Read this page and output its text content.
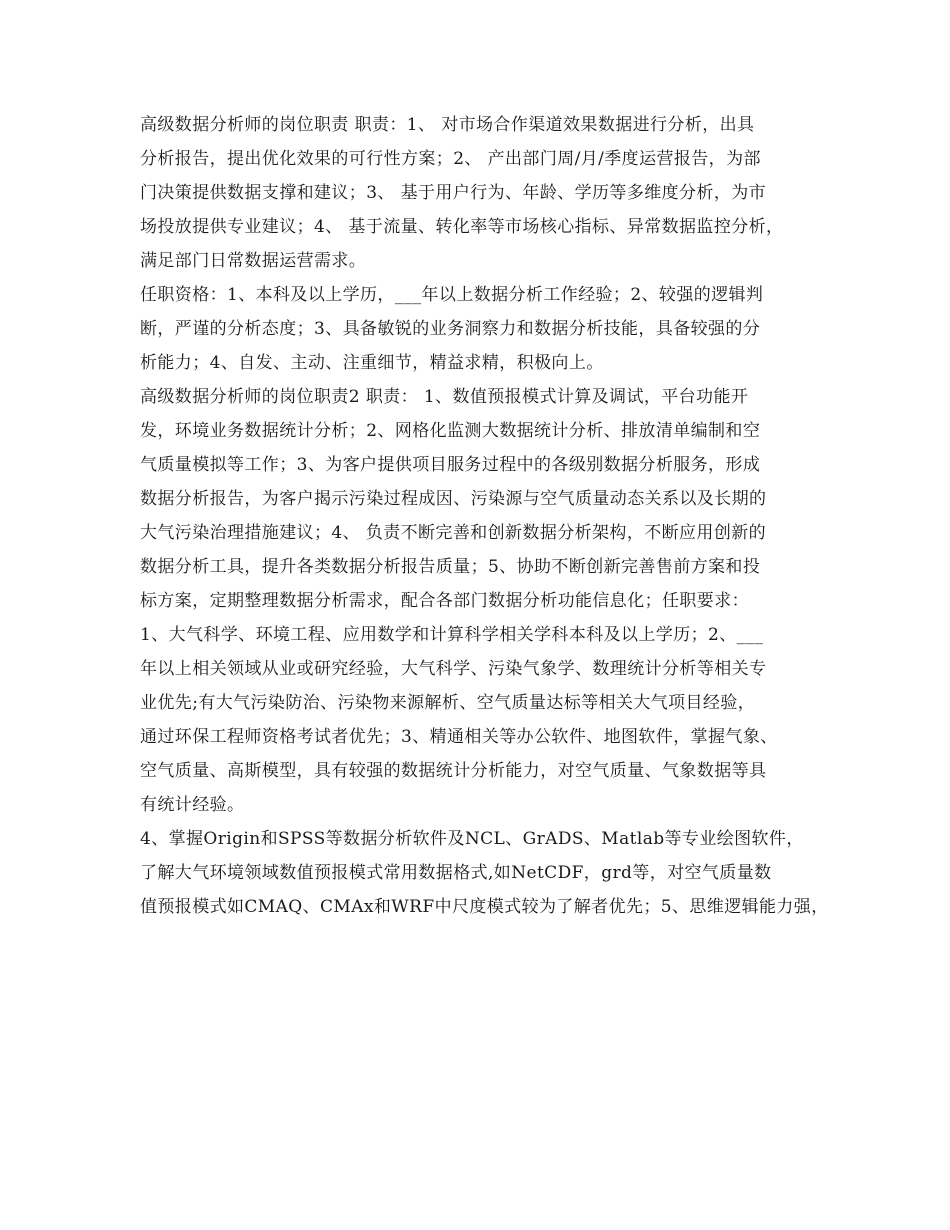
高级数据分析师的岗位职责 职责：1、 对市场合作渠道效果数据进行分析，出具
分析报告，提出优化效果的可行性方案；2、 产出部门周/月/季度运营报告，为部
门决策提供数据支撑和建议；3、 基于用户行为、年龄、学历等多维度分析，为市
场投放提供专业建议；4、 基于流量、转化率等市场核心指标、异常数据监控分析，
满足部门日常数据运营需求。
任职资格：1、本科及以上学历，___年以上数据分析工作经验；2、较强的逻辑判
断，严谨的分析态度；3、具备敏锐的业务洞察力和数据分析技能，具备较强的分
析能力；4、自发、主动、注重细节，精益求精，积极向上。
高级数据分析师的岗位职责2 职责： 1、数值预报模式计算及调试，平台功能开
发，环境业务数据统计分析；2、网格化监测大数据统计分析、排放清单编制和空
气质量模拟等工作；3、为客户提供项目服务过程中的各级别数据分析服务，形成
数据分析报告，为客户揭示污染过程成因、污染源与空气质量动态关系以及长期的
大气污染治理措施建议；4、 负责不断完善和创新数据分析架构，不断应用创新的
数据分析工具，提升各类数据分析报告质量；5、协助不断创新完善售前方案和投
标方案，定期整理数据分析需求，配合各部门数据分析功能信息化；任职要求：
1、大气科学、环境工程、应用数学和计算科学相关学科本科及以上学历；2、___
年以上相关领域从业或研究经验，大气科学、污染气象学、数理统计分析等相关专
业优先;有大气污染防治、污染物来源解析、空气质量达标等相关大气项目经验，
通过环保工程师资格考试者优先；3、精通相关等办公软件、地图软件，掌握气象、
空气质量、高斯模型，具有较强的数据统计分析能力，对空气质量、气象数据等具
有统计经验。
4、掌握Origin和SPSS等数据分析软件及NCL、GrADS、Matlab等专业绘图软件，
了解大气环境领域数值预报模式常用数据格式,如NetCDF，grd等，对空气质量数
值预报模式如CMAQ、CMAx和WRF中尺度模式较为了解者优先；5、思维逻辑能力强，
